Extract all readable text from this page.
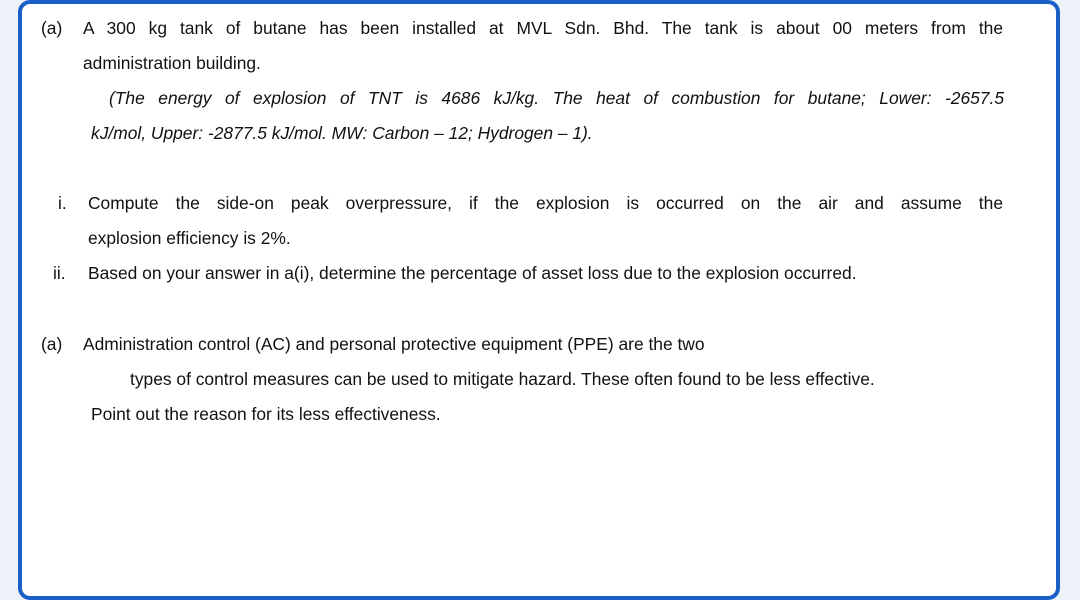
(a) A 300 kg tank of butane has been installed at MVL Sdn. Bhd. The tank is about 00 meters from the
administration building.
(The energy of explosion of TNT is 4686 kJ/kg. The heat of combustion for butane; Lower: -2657.5
kJ/mol, Upper: -2877.5 kJ/mol. MW: Carbon – 12; Hydrogen – 1).
i. Compute the side-on peak overpressure, if the explosion is occurred on the air and assume the
explosion efficiency is 2%.
ii. Based on your answer in a(i), determine the percentage of asset loss due to the explosion occurred.
(a) Administration control (AC) and personal protective equipment (PPE) are the two
types of control measures can be used to mitigate hazard. These often found to be less effective.
Point out the reason for its less effectiveness.
